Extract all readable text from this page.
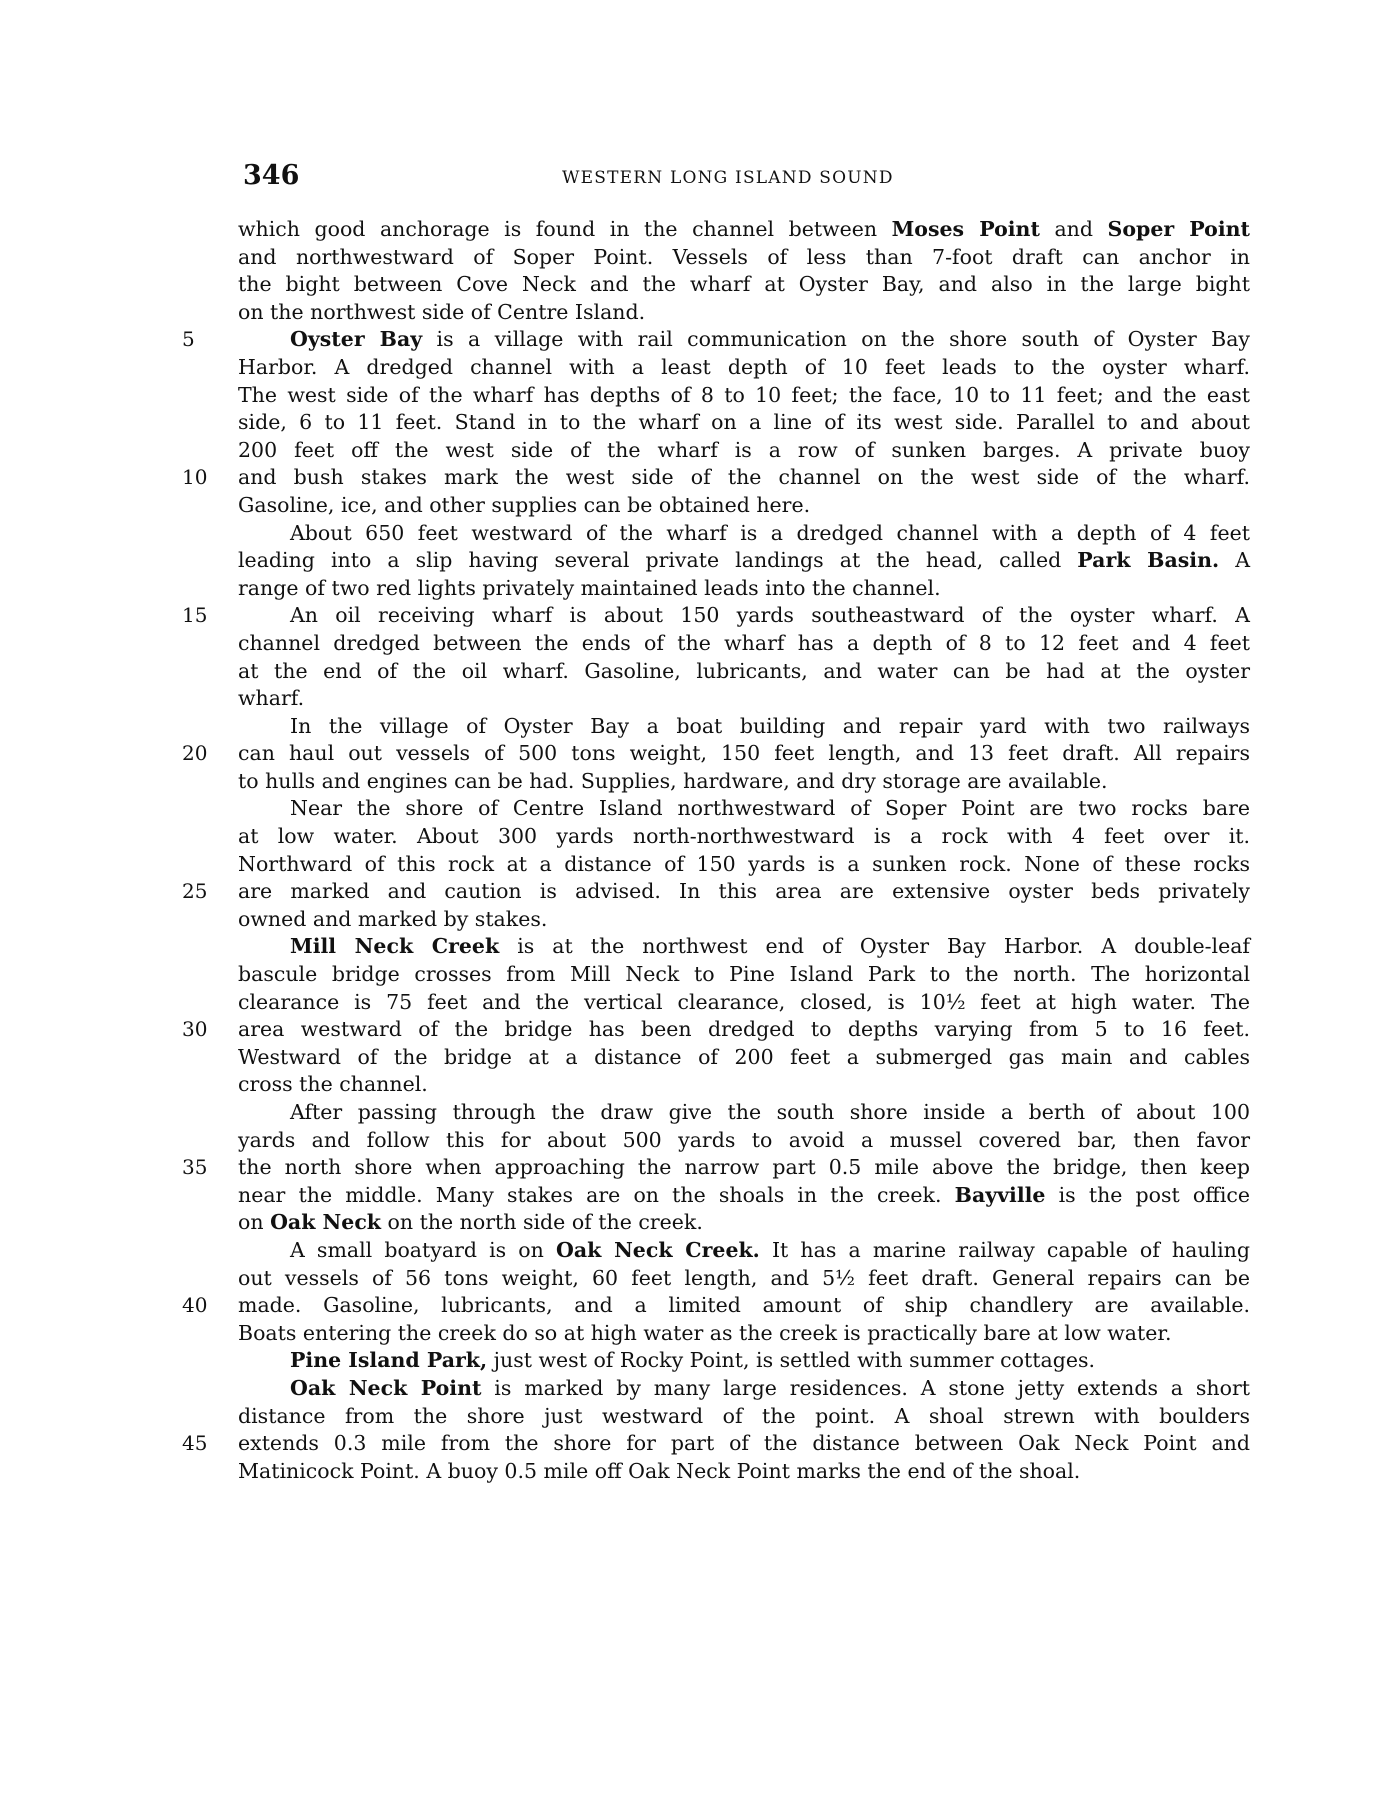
346	WESTERN LONG ISLAND SOUND
which good anchorage is found in the channel between Moses Point and Soper Point
and northwestward of Soper Point. Vessels of less than 7-foot draft can anchor in
the bight between Cove Neck and the wharf at Oyster Bay, and also in the large bight
on the northwest side of Centre Island.
5	Oyster Bay is a village with rail communication on the shore south of Oyster Bay
Harbor. A dredged channel with a least depth of 10 feet leads to the oyster wharf.
The west side of the wharf has depths of 8 to 10 feet; the face, 10 to 11 feet; and the east
side, 6 to 11 feet. Stand in to the wharf on a line of its west side. Parallel to and about
200 feet off the west side of the wharf is a row of sunken barges. A private buoy
10 and bush stakes mark the west side of the channel on the west side of the wharf.
Gasoline, ice, and other supplies can be obtained here.
About 650 feet westward of the wharf is a dredged channel with a depth of 4 feet
leading into a slip having several private landings at the head, called Park Basin. A
range of two red lights privately maintained leads into the channel.
15	An oil receiving wharf is about 150 yards southeastward of the oyster wharf. A
channel dredged between the ends of the wharf has a depth of 8 to 12 feet and 4 feet
at the end of the oil wharf. Gasoline, lubricants, and water can be had at the oyster
wharf.
In the village of Oyster Bay a boat building and repair yard with two railways
20 can haul out vessels of 500 tons weight, 150 feet length, and 13 feet draft. All repairs
to hulls and engines can be had. Supplies, hardware, and dry storage are available.
Near the shore of Centre Island northwestward of Soper Point are two rocks bare
at low water. About 300 yards north-northwestward is a rock with 4 feet over it.
Northward of this rock at a distance of 150 yards is a sunken rock. None of these rocks
25 are marked and caution is advised. In this area are extensive oyster beds privately
owned and marked by stakes.
Mill Neck Creek is at the northwest end of Oyster Bay Harbor. A double-leaf
bascule bridge crosses from Mill Neck to Pine Island Park to the north. The horizontal
clearance is 75 feet and the vertical clearance, closed, is 10½ feet at high water. The
30 area westward of the bridge has been dredged to depths varying from 5 to 16 feet.
Westward of the bridge at a distance of 200 feet a submerged gas main and cables
cross the channel.
After passing through the draw give the south shore inside a berth of about 100
yards and follow this for about 500 yards to avoid a mussel covered bar, then favor
35 the north shore when approaching the narrow part 0.5 mile above the bridge, then keep
near the middle. Many stakes are on the shoals in the creek. Bayville is the post office
on Oak Neck on the north side of the creek.
A small boatyard is on Oak Neck Creek. It has a marine railway capable of hauling
out vessels of 56 tons weight, 60 feet length, and 5½ feet draft. General repairs can be
40 made. Gasoline, lubricants, and a limited amount of ship chandlery are available.
Boats entering the creek do so at high water as the creek is practically bare at low water.
Pine Island Park, just west of Rocky Point, is settled with summer cottages.
Oak Neck Point is marked by many large residences. A stone jetty extends a short
distance from the shore just westward of the point. A shoal strewn with boulders
45 extends 0.3 mile from the shore for part of the distance between Oak Neck Point and
Matinicock Point. A buoy 0.5 mile off Oak Neck Point marks the end of the shoal.
